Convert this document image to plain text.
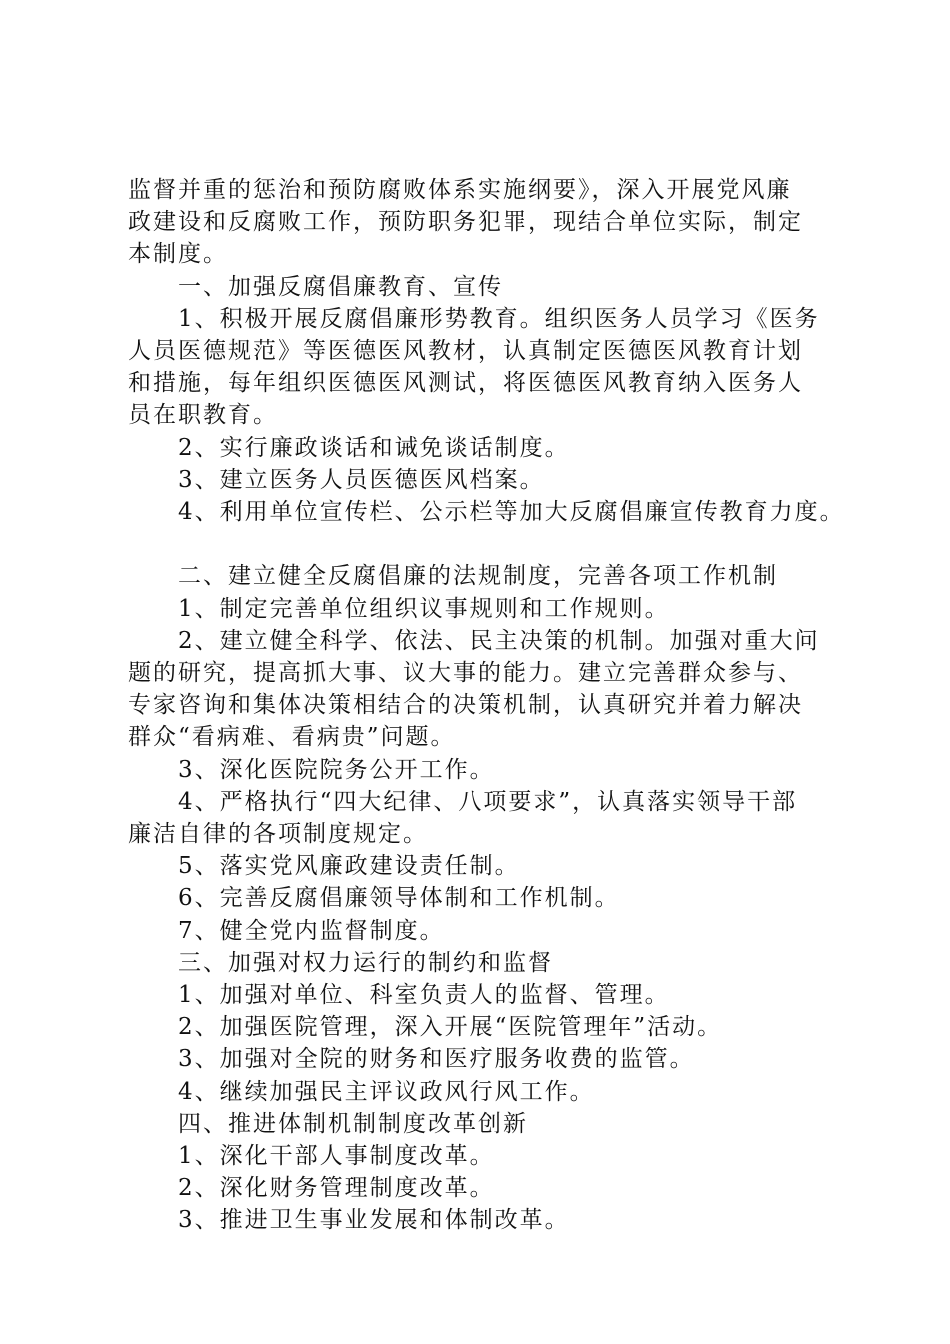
监督并重的惩治和预防腐败体系实施纲要》，深入开展党风廉

政建设和反腐败工作，预防职务犯罪，现结合单位实际，制定

本制度。

一、加强反腐倡廉教育、宣传

1、积极开展反腐倡廉形势教育。组织医务人员学习《医务

人员医德规范》等医德医风教材，认真制定医德医风教育计划

和措施，每年组织医德医风测试，将医德医风教育纳入医务人

员在职教育。

2、实行廉政谈话和诫免谈话制度。

3、建立医务人员医德医风档案。

4、利用单位宣传栏、公示栏等加大反腐倡廉宣传教育力度。

二、建立健全反腐倡廉的法规制度，完善各项工作机制

1、制定完善单位组织议事规则和工作规则。

2、建立健全科学、依法、民主决策的机制。加强对重大问

题的研究，提高抓大事、议大事的能力。建立完善群众参与、

专家咨询和集体决策相结合的决策机制，认真研究并着力解决

群众“看病难、看病贵”问题。

3、深化医院院务公开工作。

4、严格执行“四大纪律、八项要求”，认真落实领导干部

廉洁自律的各项制度规定。

5、落实党风廉政建设责任制。

6、完善反腐倡廉领导体制和工作机制。

7、健全党内监督制度。

三、加强对权力运行的制约和监督

1、加强对单位、科室负责人的监督、管理。

2、加强医院管理，深入开展“医院管理年”活动。

3、加强对全院的财务和医疗服务收费的监管。

4、继续加强民主评议政风行风工作。

四、推进体制机制制度改革创新

1、深化干部人事制度改革。

2、深化财务管理制度改革。

3、推进卫生事业发展和体制改革。
